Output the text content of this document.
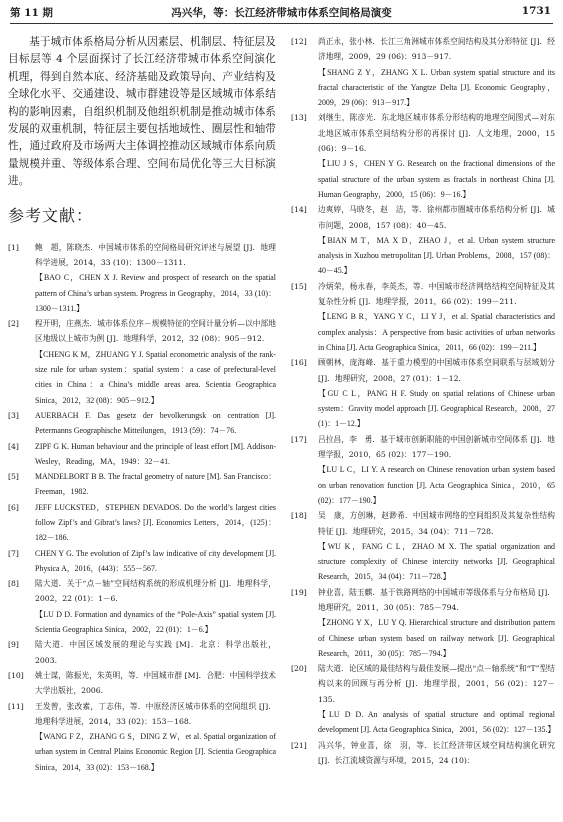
第 11 期	冯兴华，等：长江经济带城市体系空间格局演变	1731

基于城市体系格局分析从因素层、机制层、特征层及目标层等 4 个层面探讨了长江经济带城市体系空间演化机理，得到自然本底、经济基础及政策导向、产业结构及全球化水平、交通建设、城市群建设等是区域城市体系结构的影响因素，自组织机制及他组织机制是推动城市体系发展的双重机制，特征层主要包括地域性、圈层性和轴带性，通过政府及市场两大主体调控推动区域城市体系向质量规模并重、等级体系合理、空间布局优化等三大目标演进。

参考文献：
[1]	鲍　超，陈晓杰．中国城市体系的空间格局研究评述与展望 [J]．地理科学进展，2014，33 (10)：1300－1311．
【BAO C，CHEN X J. Review and prospect of research on the spatial pattern of China’s urban system. Progress in Geography，2014，33 (10)：1300－1311.】
[2]	程开明，庄燕杰．城市体系位序－规模特征的空间计量分析—以中部地区地级以上城市为例 [J]．地理科学，2012，32 (08)：905－912．
【CHENG K M，ZHUANG Y J. Spatial econometric analysis of the rank-size rule for urban system：spatial system：a case of prefectural-level cities in China：a China’s middle areas area. Scientia Geographica Sinica，2012，32 (08)：905－912.】
[3]	AUERBACH F. Das gesetz der bevolkerungsk on centration [J]. Petermanns Geographische Mitteilungen，1913 (59)：74－76.
[4]	ZIPF G K. Human behaviour and the principle of least effort [M]. Addison-Wesley，Reading，MA，1949：32－41.
[5]	MANDELBORT B B. The fractal geometry of nature [M]. San Francisco：Freeman，1982.
[6]	JEFF LUCKSTED，STEPHEN DEVADOS. Do the world’s largest cities follow Zipf’s and Gibrat’s laws? [J]. Economics Letters，2014，(125)：182－186.
[7]	CHEN Y G. The evolution of Zipf’s law indicative of city development [J]. Physica A，2016，(443)：555－567.
[8]	陆大道．关于“点－轴”空间结构系统的形成机理分析 [J]．地理科学，2002，22 (01)：1－6．
【LU D D. Formation and dynamics of the “Pole-Axis” spatial system [J]. Scientia Geographica Sinica，2002，22 (01)：1－6.】
[9]	陆大道．中国区域发展的理论与实践 [M]．北京：科学出版社，2003．
[10]	姚士谋，陈振光，朱英明，等．中国城市群 [M]．合肥：中国科学技术大学出版社，2006．
[11]	王发曾，张改素，丁志伟，等．中原经济区城市体系的空间组织 [J]．地理科学进展，2014，33 (02)：153－168．
【WANG F Z，ZHANG G S，DING Z W，et al. Spatial organization of urban system in Central Plains Economic Region [J]. Scientia Geographica Sinica，2014，33 (02)：153－168.】
[12]	尚正永，张小林．长江三角洲城市体系空间结构及其分形特征 [J]．经济地理，2009，29 (06)：913－917．
【SHANG Z Y，ZHANG X L. Urban system spatial structure and its fractal characteristic of the Yangtze Delta [J]. Economic Geography，2009，29 (06)：913－917.】
[13]	刘继生，陈彦光．东北地区城市体系分形结构的地理空间图式—对东北地区城市体系空间结构分形的再探讨 [J]．人文地理，2000，15 (06)：9－16．
【LIU J S，CHEN Y G. Research on the fractional dimensions of the spatial structure of the urban system as fractals in northeast China [J]. Human Geography，2000，15 (06)：9－16.】
[14]	边爽婷，马晓冬，赵　洁，等．徐州都市圈城市体系结构分析 [J]．城市问题，2008，157 (08)：40－45．
【BIAN M T，MA X D，ZHAO J，et al. Urban system structure analysis in Xuzhou metropolitan [J]. Urban Problems，2008，157 (08)：40－45.】
[15]	冷炳荣，杨永春，李英杰，等．中国城市经济网络结构空间特征及其复杂性分析 [J]．地理学报，2011，66 (02)：199－211．
【LENG B R，YANG Y C，LI Y J，et al. Spatial characteristics and complex analysis：A perspective from basic activities of urban networks in China [J]. Acta Geographica Sinica，2011，66 (02)：199－211.】
[16]	顾朝林，庞海峰．基于重力模型的中国城市体系空间联系与层域划分 [J]．地理研究，2008，27 (01)：1－12．
【GU C L，PANG H F. Study on spatial relations of Chinese urban system：Gravity model approach [J]. Geographical Research，2008，27 (1)：1－12.】
[17]	吕拉昌，李　勇．基于城市创新职能的中国创新城市空间体系 [J]．地理学报，2010，65 (02)：177－190．
【LU L C，LI Y. A research on Chinese renovation urban system based on urban renovation function [J]. Acta Geographica Sinica，2010，65 (02)：177－190.】
[18]	吴　康，方创琳，赵渺希．中国城市网络的空间组织及其复杂性结构特征 [J]．地理研究，2015，34 (04)：711－728．
【WU K，FANG C L，ZHAO M X. The spatial organization and structure complexity of Chinese intercity networks [J]. Geographical Research，2015，34 (04)：711－728.】
[19]	钟业喜，陆玉麒．基于铁路网络的中国城市等级体系与分布格局 [J]．地理研究，2011，30 (05)：785－794．
【ZHONG Y X，LU Y Q. Hierarchical structure and distribution pattern of Chinese urban system based on railway network [J]. Geographical Research，2011，30 (05)：785－794.】
[20]	陆大道．论区域的最佳结构与最佳发展—提出“点－轴系统”和“T”型结构以来的回顾与再分析 [J]．地理学报，2001，56 (02)：127－135．
【LU D D. An analysis of spatial structure and optimal regional development [J]. Acta Geographica Sinica，2001，56 (02)：127－135.】
[21]	冯兴华，钟业喜，徐　羽，等．长江经济带区域空间结构演化研究 [J]．长江流域资源与环境，2015，24 (10)：
